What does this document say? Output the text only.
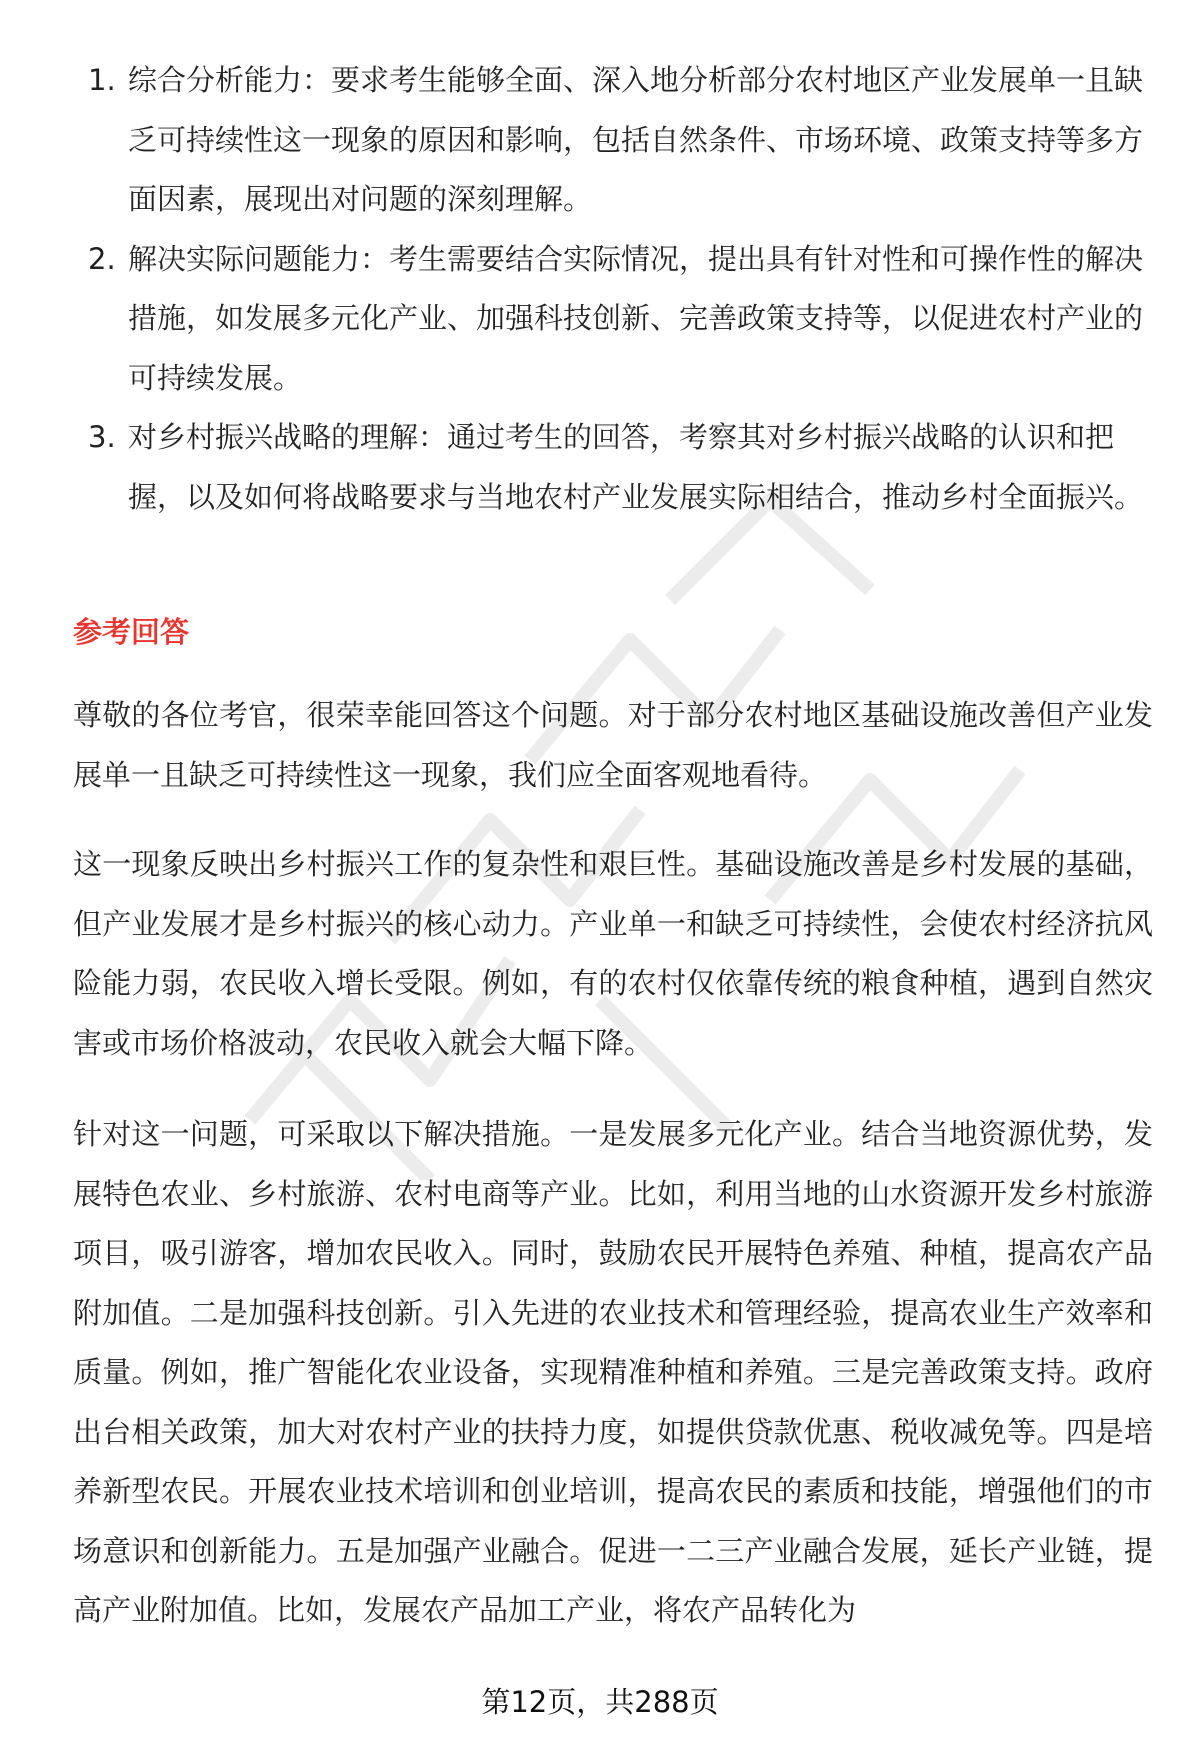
1. 综合分析能力：要求考生能够全面、深入地分析部分农村地区产业发展单一且缺乏可持续性这一现象的原因和影响，包括自然条件、市场环境、政策支持等多方面因素，展现出对问题的深刻理解。
2. 解决实际问题能力：考生需要结合实际情况，提出具有针对性和可操作性的解决措施，如发展多元化产业、加强科技创新、完善政策支持等，以促进农村产业的可持续发展。
3. 对乡村振兴战略的理解：通过考生的回答，考察其对乡村振兴战略的认识和把握，以及如何将战略要求与当地农村产业发展实际相结合，推动乡村全面振兴。
参考回答

尊敬的各位考官，很荣幸能回答这个问题。对于部分农村地区基础设施改善但产业发展单一且缺乏可持续性这一现象，我们应全面客观地看待。

这一现象反映出乡村振兴工作的复杂性和艰巨性。基础设施改善是乡村发展的基础，但产业发展才是乡村振兴的核心动力。产业单一和缺乏可持续性，会使农村经济抗风险能力弱，农民收入增长受限。例如，有的农村仅依靠传统的粮食种植，遇到自然灾害或市场价格波动，农民收入就会大幅下降。

针对这一问题，可采取以下解决措施。一是发展多元化产业。结合当地资源优势，发展特色农业、乡村旅游、农村电商等产业。比如，利用当地的山水资源开发乡村旅游项目，吸引游客，增加农民收入。同时，鼓励农民开展特色养殖、种植，提高农产品附加值。二是加强科技创新。引入先进的农业技术和管理经验，提高农业生产效率和质量。例如，推广智能化农业设备，实现精准种植和养殖。三是完善政策支持。政府出台相关政策，加大对农村产业的扶持力度，如提供贷款优惠、税收减免等。四是培养新型农民。开展农业技术培训和创业培训，提高农民的素质和技能，增强他们的市场意识和创新能力。五是加强产业融合。促进一二三产业融合发展，延长产业链，提高产业附加值。比如，发展农产品加工产业，将农产品转化为

第12页，共288页
